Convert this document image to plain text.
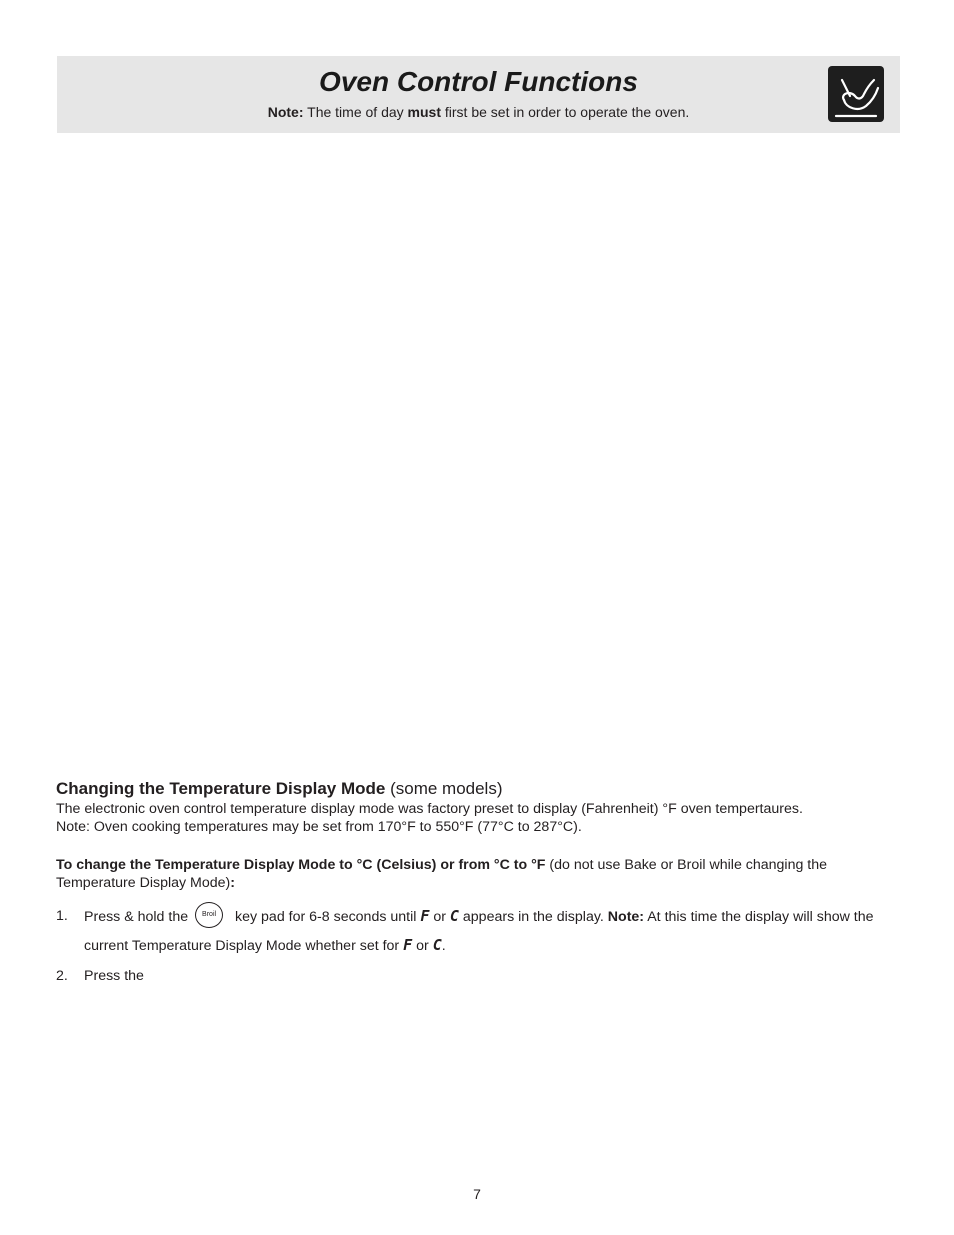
Oven Control Functions
Note: The time of day must first be set in order to operate the oven.

Changing the Temperature Display Mode (some models)

The electronic oven control temperature display mode was factory preset to display (Fahrenheit) °F oven tempertaures.

Note: Oven cooking temperatures may be set from 170°F to 550°F (77°C to 287°C).

To change the Temperature Display Mode to °C (Celsius) or from °C to °F (do not use Bake or Broil while changing the Temperature Display Mode):

1. Press & hold the Broil key pad for 6-8 seconds until F or C appears in the display. Note: At this time the display will show the current Temperature Display Mode whether set for F or C.
2. Press the
7
